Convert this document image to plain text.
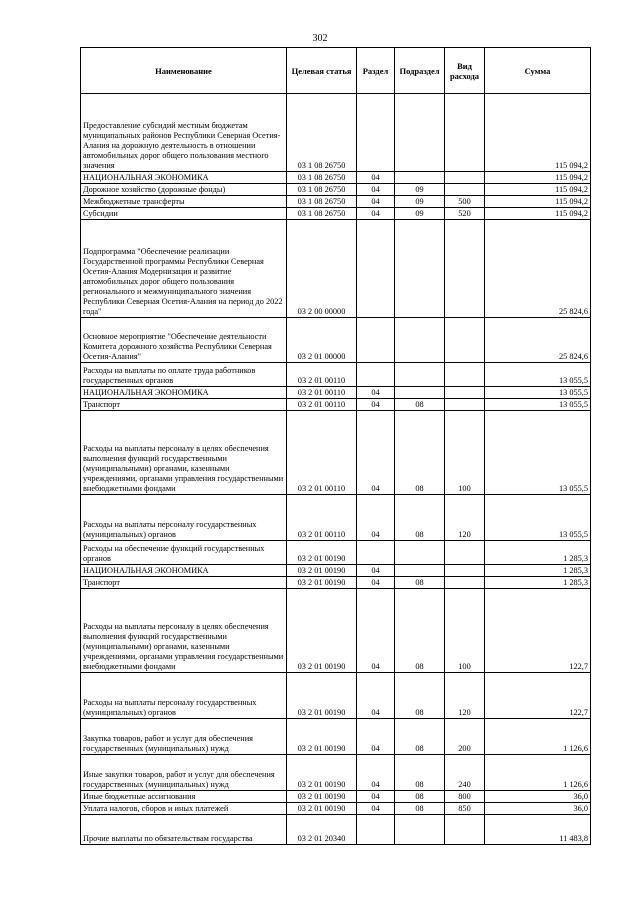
302
Наименование	Целевая статья	Раздел	Подраздел	Вид расхода	Сумма
Предоставление субсидий местным бюджетам муниципальных районов Республики Северная Осетия-Алания на дорожную деятельность в отношении автомобильных дорог общего пользования местного значения	03 1 08 26750				115 094,2
НАЦИОНАЛЬНАЯ ЭКОНОМИКА	03 1 08 26750	04			115 094,2
Дорожное хозяйство (дорожные фонды)	03 1 08 26750	04	09		115 094,2
Межбюджетные трансферты	03 1 08 26750	04	09	500	115 094,2
Субсидии	03 1 08 26750	04	09	520	115 094,2
Подпрограмма "Обеспечение реализации Государственной программы Республики Северная Осетия-Алания Модернизация и развитие автомобильных дорог общего пользования регионального и межмуниципального значения Республики Северная Осетия-Алания на период до 2022 года"	03 2 00 00000				25 824,6
Основное мероприятие "Обеспечение деятельности Комитета дорожного хозяйства Республики Северная Осетия-Алания"	03 2 01 00000				25 824,6
Расходы на выплаты по оплате труда работников государственных органов	03 2 01 00110				13 055,5
НАЦИОНАЛЬНАЯ ЭКОНОМИКА	03 2 01 00110	04			13 055,5
Транспорт	03 2 01 00110	04	08		13 055,5
Расходы на выплаты персоналу в целях обеспечения выполнения функций государственными (муниципальными) органами, казенными учреждениями, органами управления государственными внебюджетными фондами	03 2 01 00110	04	08	100	13 055,5
Расходы на выплаты персоналу государственных (муниципальных) органов	03 2 01 00110	04	08	120	13 055,5
Расходы на обеспечение функций государственных органов	03 2 01 00190				1 285,3
НАЦИОНАЛЬНАЯ ЭКОНОМИКА	03 2 01 00190	04			1 285,3
Транспорт	03 2 01 00190	04	08		1 285,3
Расходы на выплаты персоналу в целях обеспечения выполнения функций государственными (муниципальными) органами, казенными учреждениями, органами управления государственными внебюджетными фондами	03 2 01 00190	04	08	100	122,7
Расходы на выплаты персоналу государственных (муниципальных) органов	03 2 01 00190	04	08	120	122,7
Закупка товаров, работ и услуг для обеспечения государственных (муниципальных) нужд	03 2 01 00190	04	08	200	1 126,6
Иные закупки товаров, работ и услуг для обеспечения государственных (муниципальных) нужд	03 2 01 00190	04	08	240	1 126,6
Иные бюджетные ассигнования	03 2 01 00190	04	08	800	36,0
Уплата налогов, сборов и иных платежей	03 2 01 00190	04	08	850	36,0
Прочие выплаты по обязательствам государства	03 2 01 20340				11 483,8
